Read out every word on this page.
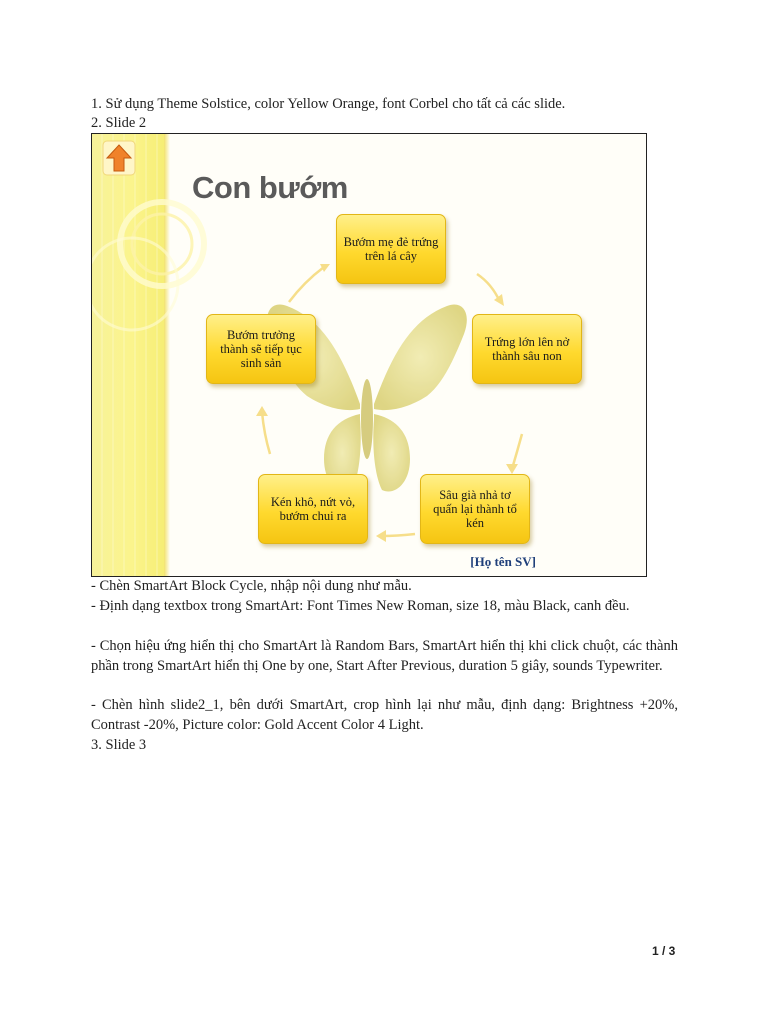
1. Sử dụng Theme Solstice, color Yellow Orange, font Corbel cho tất cả các slide.
2. Slide 2
Con bướm
Bướm mẹ đẻ trứng trên lá cây
Trứng lớn lên nở thành sâu non
Sâu già nhả tơ quấn lại thành tổ kén
Kén khô, nứt vỏ, bướm chui ra
Bướm trưởng thành sẽ tiếp tục sinh sản
[Họ tên SV]
- Chèn SmartArt Block Cycle, nhập nội dung như mẫu.
- Định dạng textbox trong SmartArt: Font Times New Roman, size 18, màu Black, canh đều.
- Chọn hiệu ứng hiển thị cho SmartArt là Random Bars, SmartArt hiển thị khi click chuột, các thành phần trong SmartArt hiển thị One by one, Start After Previous, duration 5 giây, sounds Typewriter.
- Chèn hình slide2_1, bên dưới SmartArt, crop hình lại như mẫu, định dạng: Brightness +20%, Contrast -20%, Picture color: Gold Accent Color 4 Light.
3. Slide 3
1 / 3
